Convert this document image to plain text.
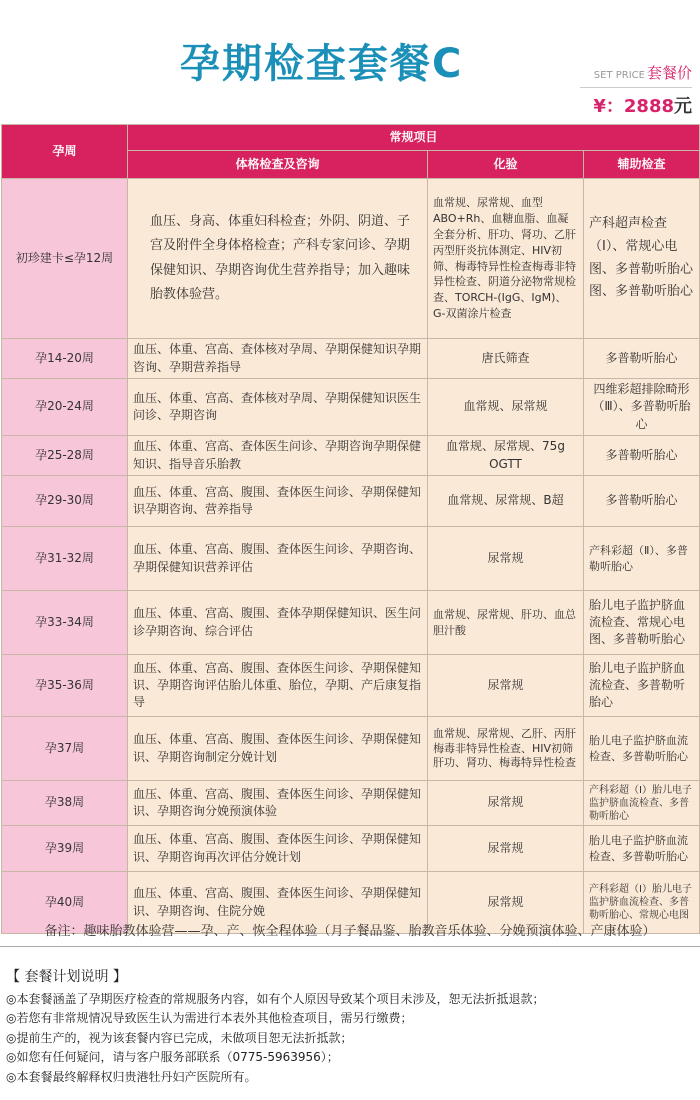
孕期检查套餐C	SET PRICE 套餐价
¥：2888元
孕周	常规项目		
	体格检查及咨询	化验	辅助检查
初珍建卡≤孕12周	血压、身高、体重妇科检查；外阴、阴道、子宫及附件全身体格检查；产科专家问诊、孕期保健知识、孕期咨询优生营养指导；加入趣味胎教体验营。	血常规、尿常规、血型ABO+Rh、血糖血脂、血凝全套分析、肝功、肾功、乙肝丙型肝炎抗体测定、HIV初筛、梅毒特异性检查梅毒非特异性检查、阴道分泌物常规检查、TORCH-(IgG、IgM)、G-双菌涂片检查	产科超声检查（Ⅰ）、常规心电图、多普勒听胎心图、多普勒听胎心
孕14-20周	血压、体重、宫高、查体核对孕周、孕期保健知识孕期咨询、孕期营养指导	唐氏筛查	多普勒听胎心
孕20-24周	血压、体重、宫高、查体核对孕周、孕期保健知识医生问诊、孕期咨询	血常规、尿常规	四维彩超排除畸形（Ⅲ）、多普勒听胎心
孕25-28周	血压、体重、宫高、查体医生问诊、孕期咨询孕期保健知识、指导音乐胎教	血常规、尿常规、75g OGTT	多普勒听胎心
孕29-30周	血压、体重、宫高、腹围、查体医生问诊、孕期保健知识孕期咨询、营养指导	血常规、尿常规、B超	多普勒听胎心
孕31-32周	血压、体重、宫高、腹围、查体医生问诊、孕期咨询、孕期保健知识营养评估	尿常规	产科彩超（Ⅱ）、多普勒听胎心
孕33-34周	血压、体重、宫高、腹围、查体孕期保健知识、医生问诊孕期咨询、综合评估	血常规、尿常规、肝功、血总胆汁酸	胎儿电子监护脐血流检查、常规心电图、多普勒听胎心
孕35-36周	血压、体重、宫高、腹围、查体医生问诊、孕期保健知识、孕期咨询评估胎儿体重、胎位，孕期、产后康复指导	尿常规	胎儿电子监护脐血流检查、多普勒听胎心
孕37周	血压、体重、宫高、腹围、查体医生问诊、孕期保健知识、孕期咨询制定分娩计划	血常规、尿常规、乙肝、丙肝梅毒非特异性检查、HIV初筛肝功、肾功、梅毒特异性检查	胎儿电子监护脐血流检查、多普勒听胎心
孕38周	血压、体重、宫高、腹围、查体医生问诊、孕期保健知识、孕期咨询分娩预演体验	尿常规	产科彩超（Ⅰ）胎儿电子监护脐血流检查、多普勒听胎心
孕39周	血压、体重、宫高、腹围、查体医生问诊、孕期保健知识、孕期咨询再次评估分娩计划	尿常规	胎儿电子监护脐血流检查、多普勒听胎心
孕40周	血压、体重、宫高、腹围、查体医生问诊、孕期保健知识、孕期咨询、住院分娩	尿常规	产科彩超（Ⅰ）胎儿电子监护脐血流检查、多普勒听胎心、常规心电图
备注：趣味胎教体验营——孕、产、恢全程体验（月子餐品鉴、胎教音乐体验、分娩预演体验、产康体验）
【 套餐计划说明 】
◎本套餐涵盖了孕期医疗检查的常规服务内容，如有个人原因导致某个项目未涉及，恕无法折抵退款；
◎若您有非常规情况导致医生认为需进行本表外其他检查项目，需另行缴费；
◎提前生产的，视为该套餐内容已完成，未做项目恕无法折抵款；
◎如您有任何疑问，请与客户服务部联系（0775-5963956）；
◎本套餐最终解释权归贵港牡丹妇产医院所有。
